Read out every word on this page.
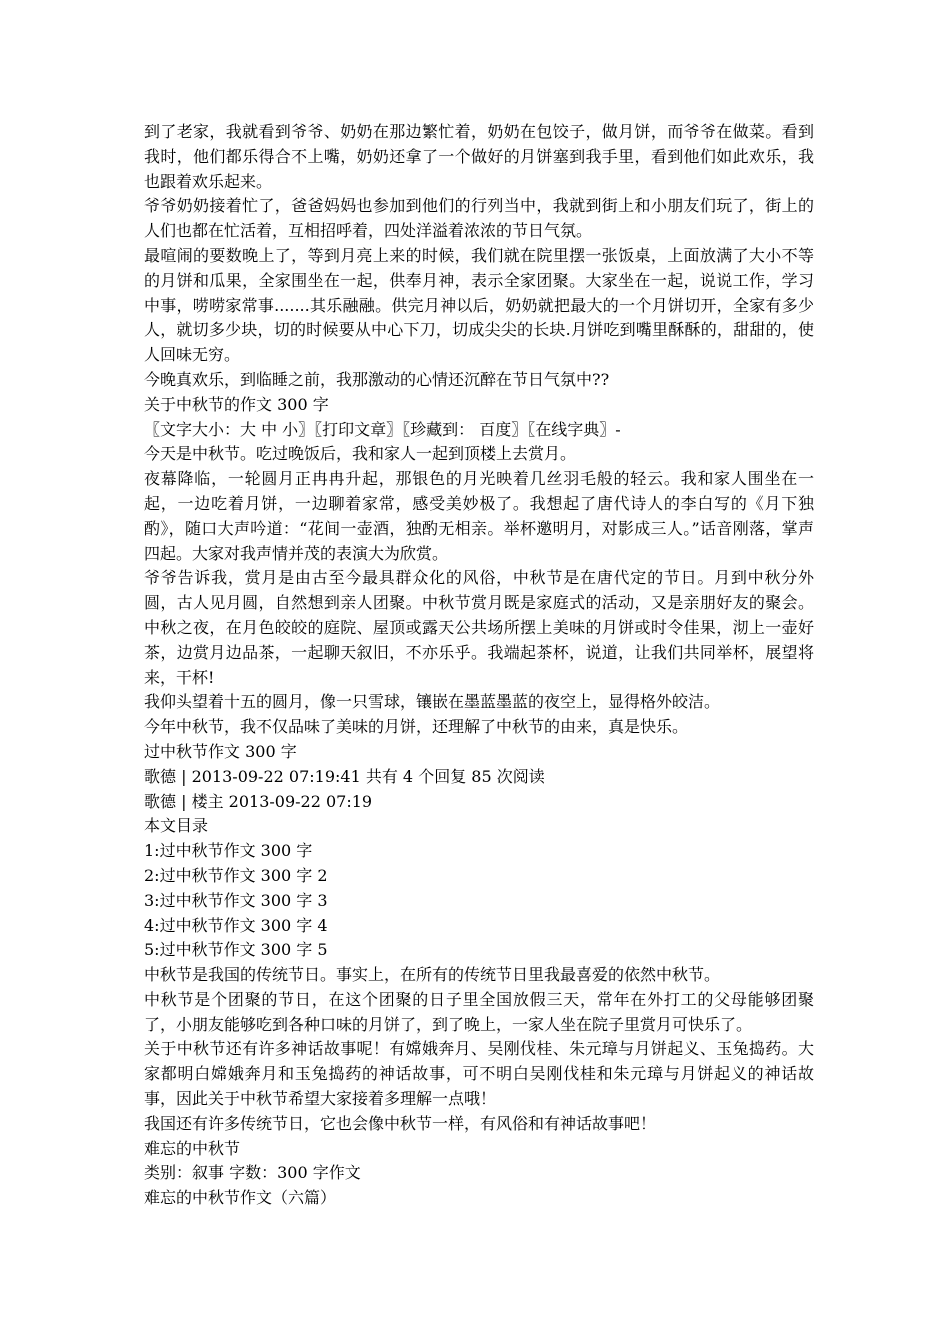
到了老家，我就看到爷爷、奶奶在那边繁忙着，奶奶在包饺子，做月饼，而爷爷在做菜。看到我时，他们都乐得合不上嘴，奶奶还拿了一个做好的月饼塞到我手里，看到他们如此欢乐，我也跟着欢乐起来。

爷爷奶奶接着忙了，爸爸妈妈也参加到他们的行列当中，我就到街上和小朋友们玩了，街上的人们也都在忙活着，互相招呼着，四处洋溢着浓浓的节日气氛。

最喧闹的要数晚上了，等到月亮上来的时候，我们就在院里摆一张饭桌，上面放满了大小不等的月饼和瓜果，全家围坐在一起，供奉月神，表示全家团聚。大家坐在一起，说说工作，学习中事，唠唠家常事.......其乐融融。供完月神以后，奶奶就把最大的一个月饼切开，全家有多少人，就切多少块，切的时候要从中心下刀，切成尖尖的长块.月饼吃到嘴里酥酥的，甜甜的，使人回味无穷。

今晚真欢乐，到临睡之前，我那激动的心情还沉醉在节日气氛中??

关于中秋节的作文 300 字

〖文字大小：大 中 小〗〖打印文章〗〖珍藏到： 百度〗〖在线字典〗-

今天是中秋节。吃过晚饭后，我和家人一起到顶楼上去赏月。

夜幕降临，一轮圆月正冉冉升起，那银色的月光映着几丝羽毛般的轻云。我和家人围坐在一起，一边吃着月饼，一边聊着家常，感受美妙极了。我想起了唐代诗人的李白写的《月下独酌》，随口大声吟道：“花间一壶酒，独酌无相亲。举杯邀明月，对影成三人。”话音刚落，掌声四起。大家对我声情并茂的表演大为欣赏。

爷爷告诉我，赏月是由古至今最具群众化的风俗，中秋节是在唐代定的节日。月到中秋分外圆，古人见月圆，自然想到亲人团聚。中秋节赏月既是家庭式的活动，又是亲朋好友的聚会。中秋之夜，在月色皎皎的庭院、屋顶或露天公共场所摆上美味的月饼或时令佳果，沏上一壶好茶，边赏月边品茶，一起聊天叙旧，不亦乐乎。我端起茶杯，说道，让我们共同举杯，展望将来，干杯!

我仰头望着十五的圆月，像一只雪球，镶嵌在墨蓝墨蓝的夜空上，显得格外皎洁。

今年中秋节，我不仅品味了美味的月饼，还理解了中秋节的由来，真是快乐。

过中秋节作文 300 字

歌德 | 2013-09-22 07:19:41 共有 4 个回复 85 次阅读

歌德 | 楼主 2013-09-22 07:19

本文目录

1:过中秋节作文 300 字

2:过中秋节作文 300 字 2

3:过中秋节作文 300 字 3

4:过中秋节作文 300 字 4

5:过中秋节作文 300 字 5

中秋节是我国的传统节日。事实上，在所有的传统节日里我最喜爱的依然中秋节。

中秋节是个团聚的节日，在这个团聚的日子里全国放假三天，常年在外打工的父母能够团聚了，小朋友能够吃到各种口味的月饼了，到了晚上，一家人坐在院子里赏月可快乐了。

关于中秋节还有许多神话故事呢！有嫦娥奔月、吴刚伐桂、朱元璋与月饼起义、玉兔捣药。大家都明白嫦娥奔月和玉兔捣药的神话故事，可不明白吴刚伐桂和朱元璋与月饼起义的神话故事，因此关于中秋节希望大家接着多理解一点哦！

我国还有许多传统节日，它也会像中秋节一样，有风俗和有神话故事吧！

难忘的中秋节

类别：叙事 字数：300 字作文

难忘的中秋节作文（六篇）
